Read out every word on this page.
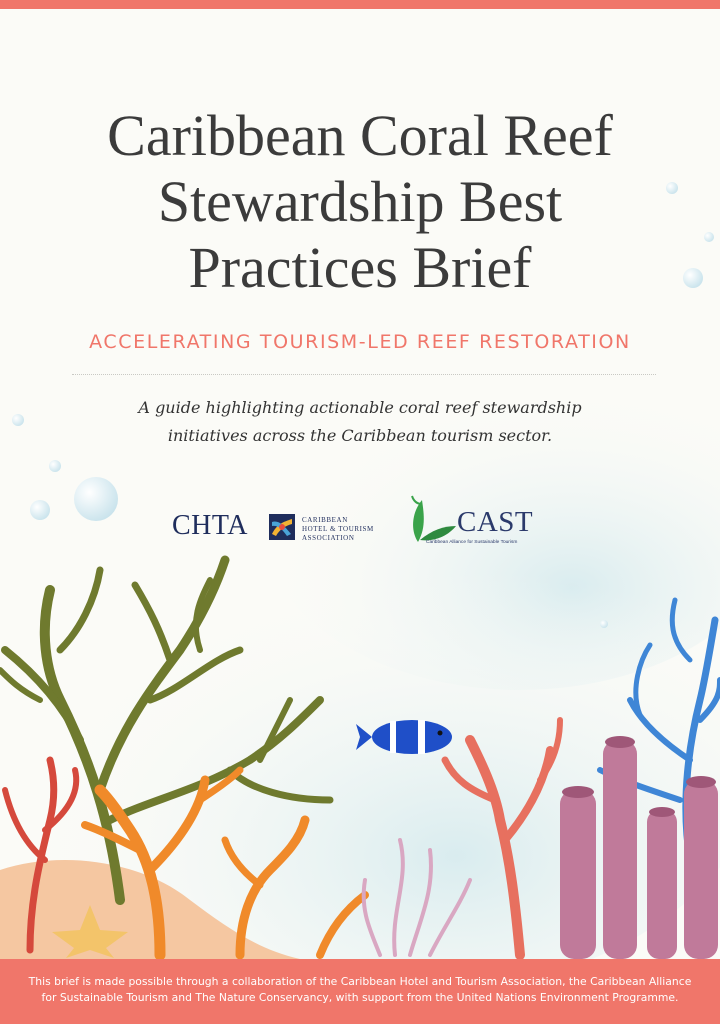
Caribbean Coral Reef
Stewardship Best
Practices Brief
ACCELERATING TOURISM-LED REEF RESTORATION
A guide highlighting actionable coral reef stewardship
initiatives across the Caribbean tourism sector.
CHTA	CARIBBEAN
HOTEL & TOURISM
ASSOCIATION	CAST
Caribbean Alliance for Sustainable Tourism
This brief is made possible through a collaboration of the Caribbean Hotel and Tourism Association, the Caribbean Alliance
for Sustainable Tourism and The Nature Conservancy, with support from the United Nations Environment Programme.
